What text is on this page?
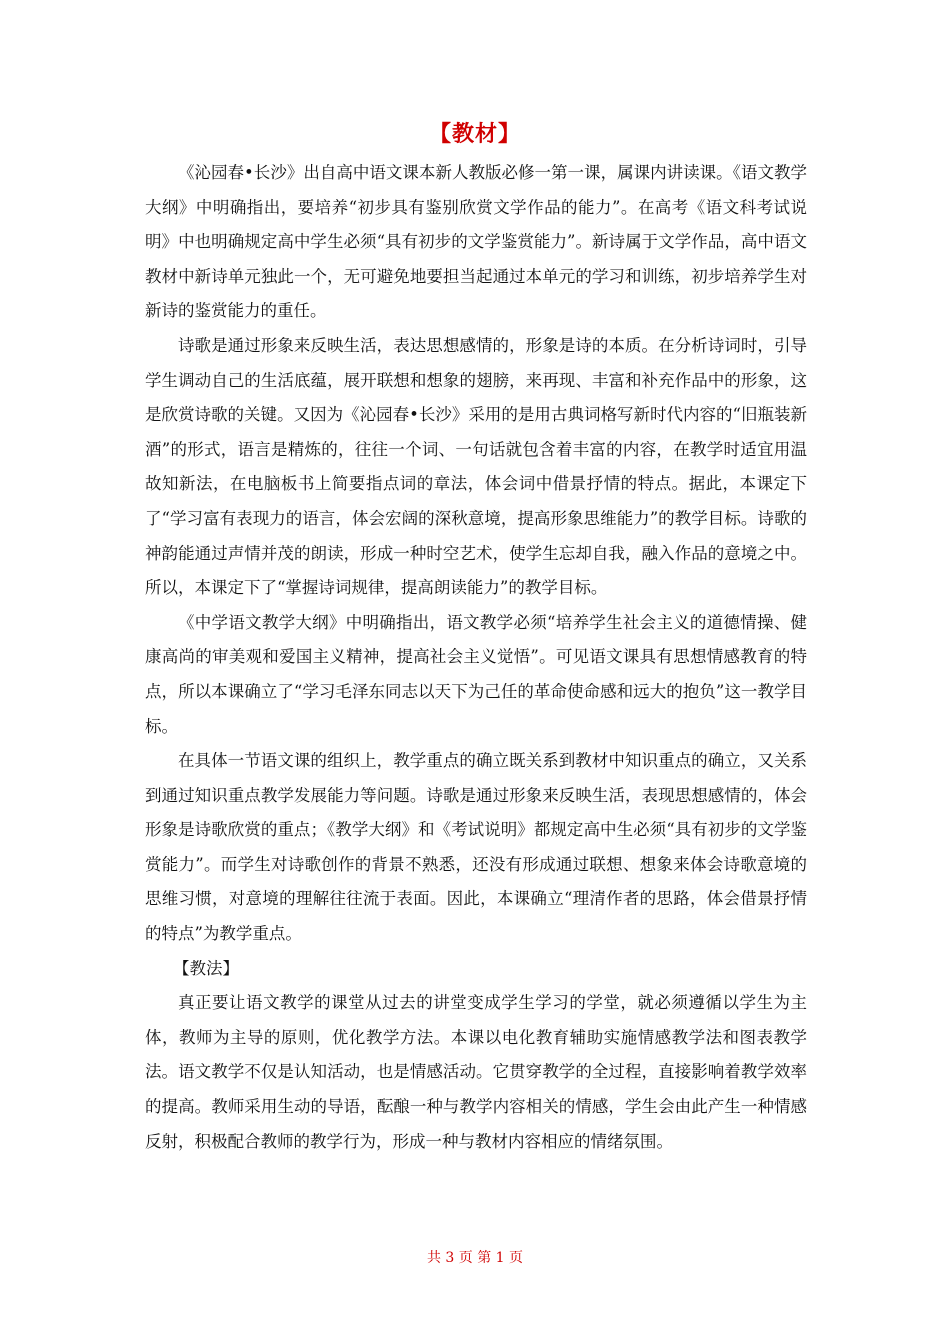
【教材】

《沁园春•长沙》出自高中语文课本新人教版必修一第一课，属课内讲读课。《语文教学大纲》中明确指出，要培养“初步具有鉴别欣赏文学作品的能力”。在高考《语文科考试说明》中也明确规定高中学生必须“具有初步的文学鉴赏能力”。新诗属于文学作品，高中语文教材中新诗单元独此一个，无可避免地要担当起通过本单元的学习和训练，初步培养学生对新诗的鉴赏能力的重任。

诗歌是通过形象来反映生活，表达思想感情的，形象是诗的本质。在分析诗词时，引导学生调动自己的生活底蕴，展开联想和想象的翅膀，来再现、丰富和补充作品中的形象，这是欣赏诗歌的关键。又因为《沁园春•长沙》采用的是用古典词格写新时代内容的“旧瓶装新酒”的形式，语言是精炼的，往往一个词、一句话就包含着丰富的内容，在教学时适宜用温故知新法，在电脑板书上简要指点词的章法，体会词中借景抒情的特点。据此，本课定下了“学习富有表现力的语言，体会宏阔的深秋意境，提高形象思维能力”的教学目标。诗歌的神韵能通过声情并茂的朗读，形成一种时空艺术，使学生忘却自我，融入作品的意境之中。所以，本课定下了“掌握诗词规律，提高朗读能力”的教学目标。

《中学语文教学大纲》中明确指出，语文教学必须“培养学生社会主义的道德情操、健康高尚的审美观和爱国主义精神，提高社会主义觉悟”。可见语文课具有思想情感教育的特点，所以本课确立了“学习毛泽东同志以天下为己任的革命使命感和远大的抱负”这一教学目标。

在具体一节语文课的组织上，教学重点的确立既关系到教材中知识重点的确立，又关系到通过知识重点教学发展能力等问题。诗歌是通过形象来反映生活，表现思想感情的，体会形象是诗歌欣赏的重点；《教学大纲》和《考试说明》都规定高中生必须“具有初步的文学鉴赏能力”。而学生对诗歌创作的背景不熟悉，还没有形成通过联想、想象来体会诗歌意境的思维习惯，对意境的理解往往流于表面。因此，本课确立“理清作者的思路，体会借景抒情的特点”为教学重点。

【教法】

真正要让语文教学的课堂从过去的讲堂变成学生学习的学堂，就必须遵循以学生为主体，教师为主导的原则，优化教学方法。本课以电化教育辅助实施情感教学法和图表教学法。语文教学不仅是认知活动，也是情感活动。它贯穿教学的全过程，直接影响着教学效率的提高。教师采用生动的导语，酝酿一种与教学内容相关的情感，学生会由此产生一种情感反射，积极配合教师的教学行为，形成一种与教材内容相应的情绪氛围。

共 3 页 第 1 页
